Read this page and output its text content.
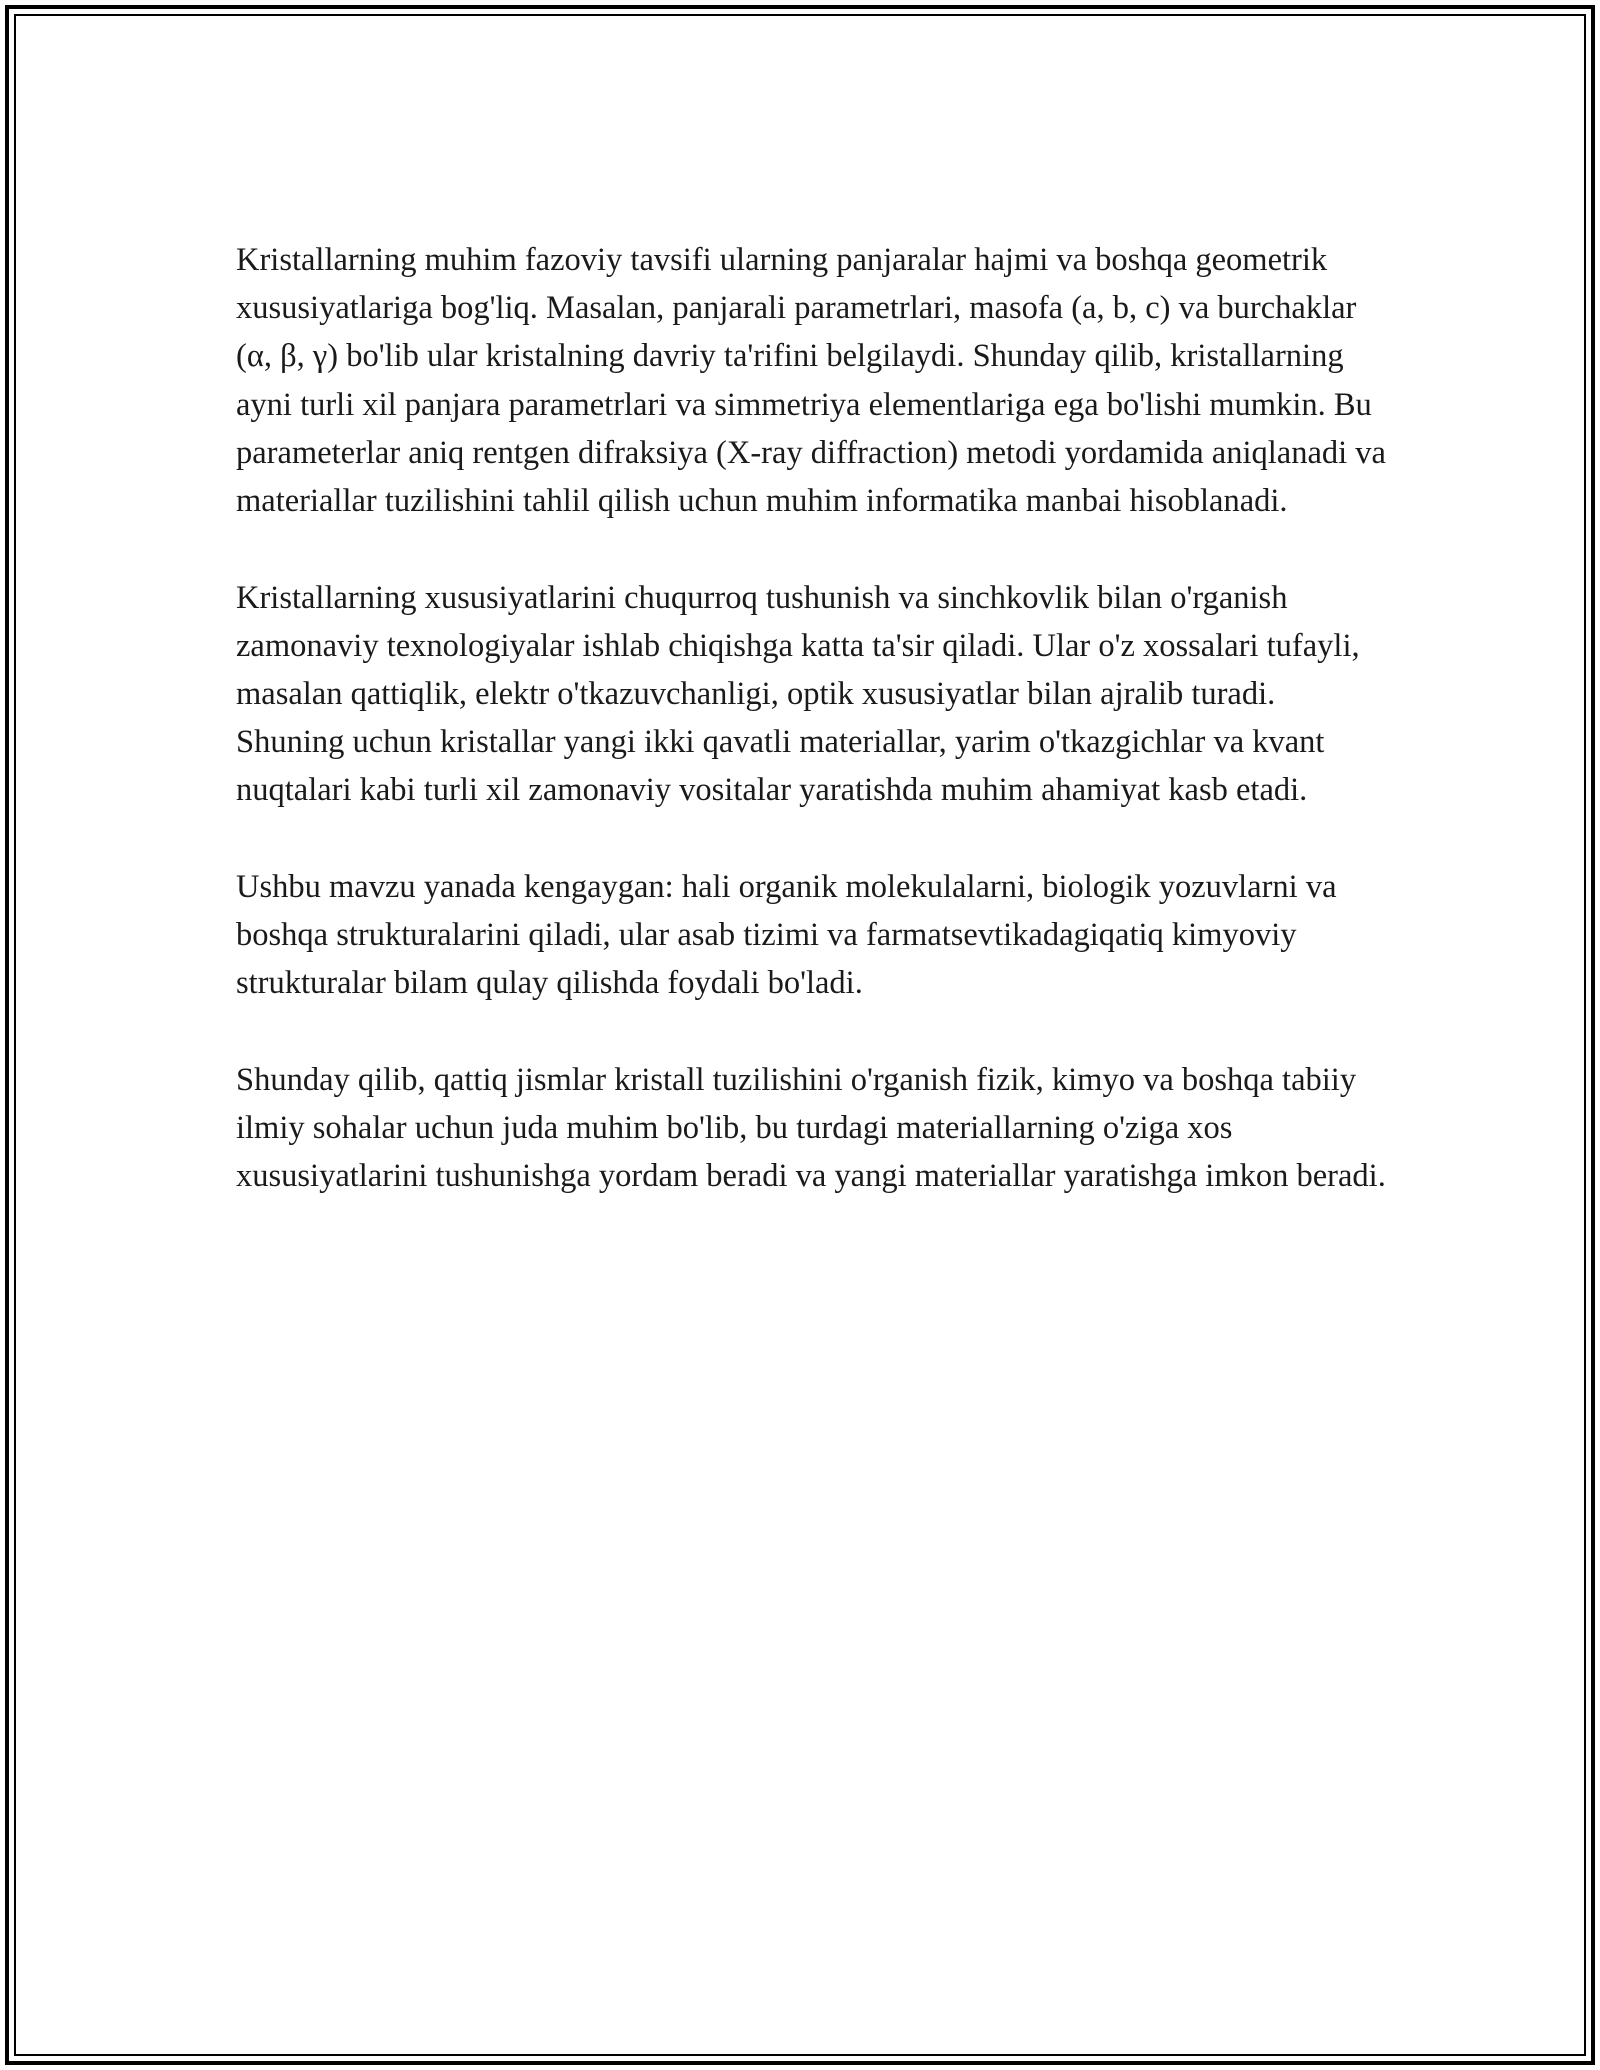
Kristallarning muhim fazoviy tavsifi ularning panjaralar hajmi va boshqa geometrik xususiyatlariga bog'liq. Masalan, panjarali parametrlari, masofa (a, b, c) va burchaklar (α, β, γ) bo'lib ular kristalning davriy ta'rifini belgilaydi. Shunday qilib, kristallarning ayni turli xil panjara parametrlari va simmetriya elementlariga ega bo'lishi mumkin. Bu parameterlar aniq rentgen difraksiya (X-ray diffraction) metodi yordamida aniqlanadi va materiallar tuzilishini tahlil qilish uchun muhim informatika manbai hisoblanadi.

Kristallarning xususiyatlarini chuqurroq tushunish va sinchkovlik bilan o'rganish zamonaviy texnologiyalar ishlab chiqishga katta ta'sir qiladi. Ular o'z xossalari tufayli, masalan qattiqlik, elektr o'tkazuvchanligi, optik xususiyatlar bilan ajralib turadi. Shuning uchun kristallar yangi ikki qavatli materiallar, yarim o'tkazgichlar va kvant nuqtalari kabi turli xil zamonaviy vositalar yaratishda muhim ahamiyat kasb etadi.

Ushbu mavzu yanada kengaygan: hali organik molekulalarni, biologik yozuvlarni va boshqa strukturalarini qiladi, ular asab tizimi va farmatsevtikadagiqatiq kimyoviy strukturalar bilam qulay qilishda foydali bo'ladi.

Shunday qilib, qattiq jismlar kristall tuzilishini o'rganish fizik, kimyo va boshqa tabiiy ilmiy sohalar uchun juda muhim bo'lib, bu turdagi materiallarning o'ziga xos xususiyatlarini tushunishga yordam beradi va yangi materiallar yaratishga imkon beradi.
